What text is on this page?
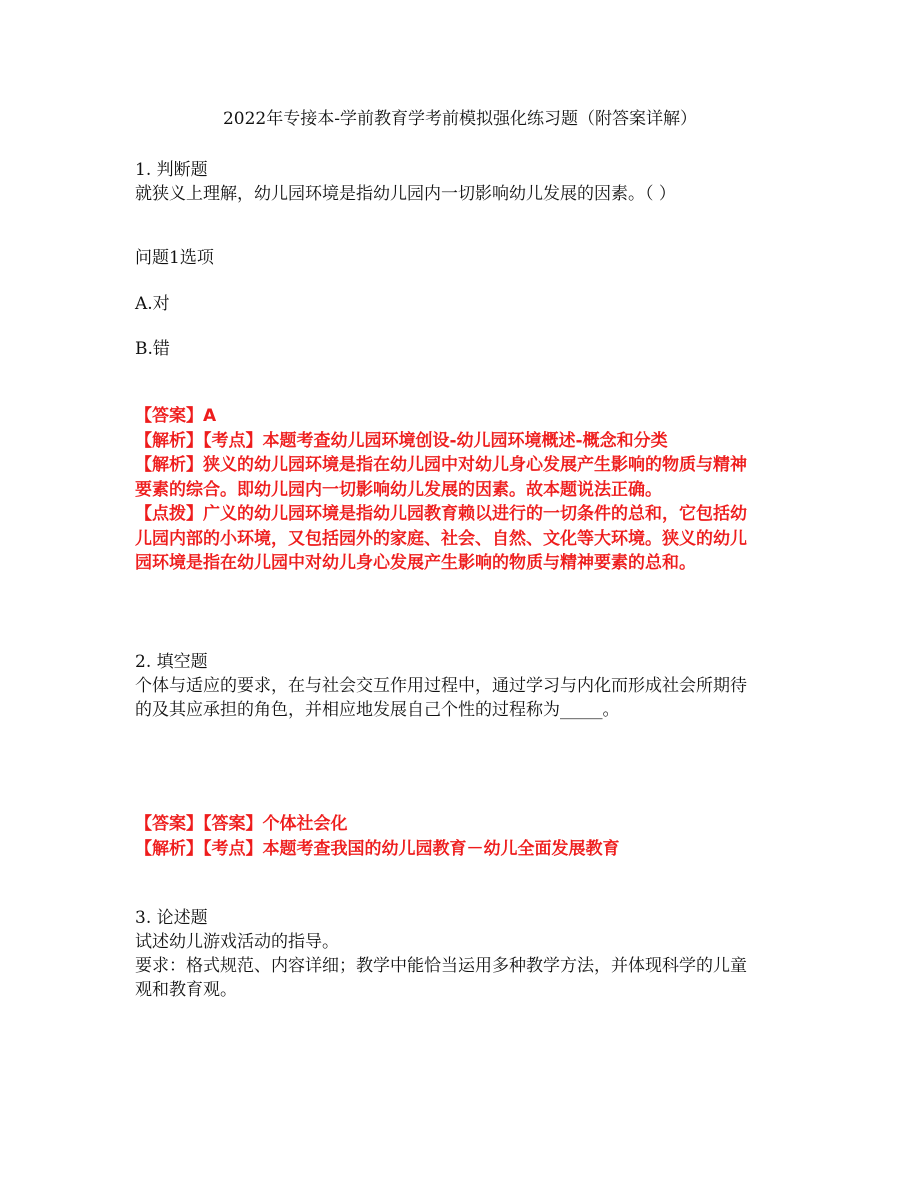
2022年专接本-学前教育学考前模拟强化练习题（附答案详解）
1. 判断题
就狭义上理解，幼儿园环境是指幼儿园内一切影响幼儿发展的因素。（ ）
问题1选项
A.对
B.错
【答案】A
【解析】【考点】本题考查幼儿园环境创设-幼儿园环境概述-概念和分类
【解析】狭义的幼儿园环境是指在幼儿园中对幼儿身心发展产生影响的物质与精神
要素的综合。即幼儿园内一切影响幼儿发展的因素。故本题说法正确。
【点拨】广义的幼儿园环境是指幼儿园教育赖以进行的一切条件的总和，它包括幼
儿园内部的小环境，又包括园外的家庭、社会、自然、文化等大环境。狭义的幼儿
园环境是指在幼儿园中对幼儿身心发展产生影响的物质与精神要素的总和。
2. 填空题
个体与适应的要求，在与社会交互作用过程中，通过学习与内化而形成社会所期待
的及其应承担的角色，并相应地发展自己个性的过程称为_____。
【答案】【答案】个体社会化
【解析】【考点】本题考查我国的幼儿园教育－幼儿全面发展教育
3. 论述题
试述幼儿游戏活动的指导。
要求：格式规范、内容详细；教学中能恰当运用多种教学方法，并体现科学的儿童
观和教育观。
